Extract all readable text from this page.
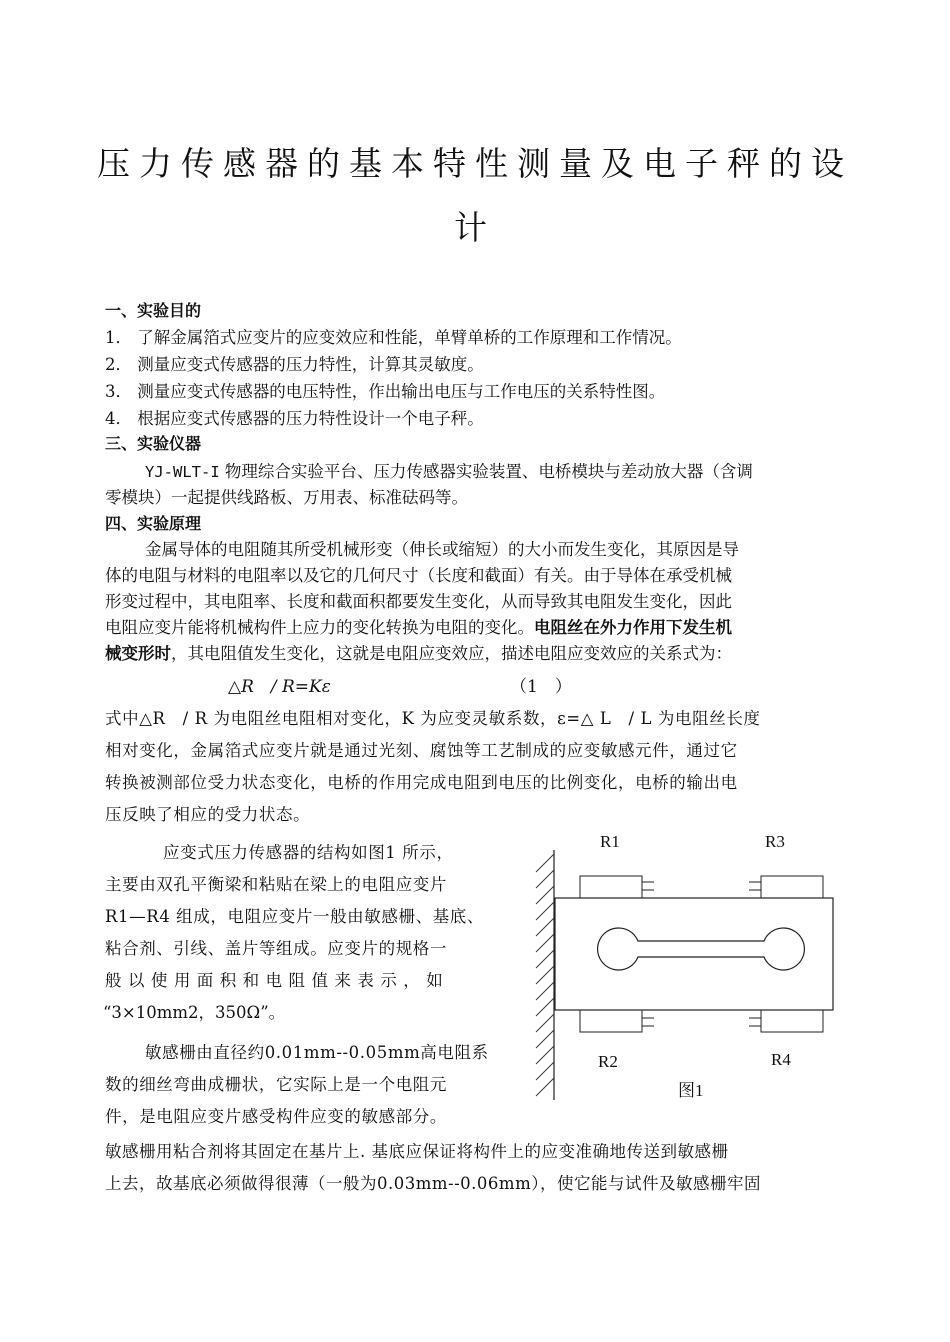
压力传感器的基本特性测量及电子秤的设
计
一、实验目的
1． 了解金属箔式应变片的应变效应和性能，单臂单桥的工作原理和工作情况。
2． 测量应变式传感器的压力特性，计算其灵敏度。
3． 测量应变式传感器的电压特性，作出输出电压与工作电压的关系特性图。
4． 根据应变式传感器的压力特性设计一个电子秤。
三、实验仪器
YJ-WLT-I 物理综合实验平台、压力传感器实验装置、电桥模块与差动放大器（含调
零模块）一起提供线路板、万用表、标准砝码等。
四、实验原理
金属导体的电阻随其所受机械形变（伸长或缩短）的大小而发生变化，其原因是导
体的电阻与材料的电阻率以及它的几何尺寸（长度和截面）有关。由于导体在承受机械
形变过程中，其电阻率、长度和截面积都要发生变化，从而导致其电阻发生变化，因此
电阻应变片能将机械构件上应力的变化转换为电阻的变化。电阻丝在外力作用下发生机
械变形时，其电阻值发生变化，这就是电阻应变效应，描述电阻应变效应的关系式为：
△R　/ R=Kε	（1　）
式中△R　/ R 为电阻丝电阻相对变化，K 为应变灵敏系数，ε=△ L　/ L 为电阻丝长度
相对变化，金属箔式应变片就是通过光刻、腐蚀等工艺制成的应变敏感元件，通过它
转换被测部位受力状态变化，电桥的作用完成电阻到电压的比例变化，电桥的输出电
压反映了相应的受力状态。
应变式压力传感器的结构如图1 所示，
主要由双孔平衡梁和粘贴在梁上的电阻应变片
R1—R4 组成，电阻应变片一般由敏感栅、基底、
粘合剂、引线、盖片等组成。应变片的规格一
般 以 使 用 面 积 和 电 阻 值 来 表 示 ， 如
“3×10mm2，350Ω”。
敏感栅由直径约0.01mm--0.05mm高电阻系
数的细丝弯曲成栅状，它实际上是一个电阻元
件，是电阻应变片感受构件应变的敏感部分。
R1	R3
R2	R4
图1
敏感栅用粘合剂将其固定在基片上. 基底应保证将构件上的应变准确地传送到敏感栅
上去，故基底必须做得很薄（一般为0.03mm--0.06mm），使它能与试件及敏感栅牢固
